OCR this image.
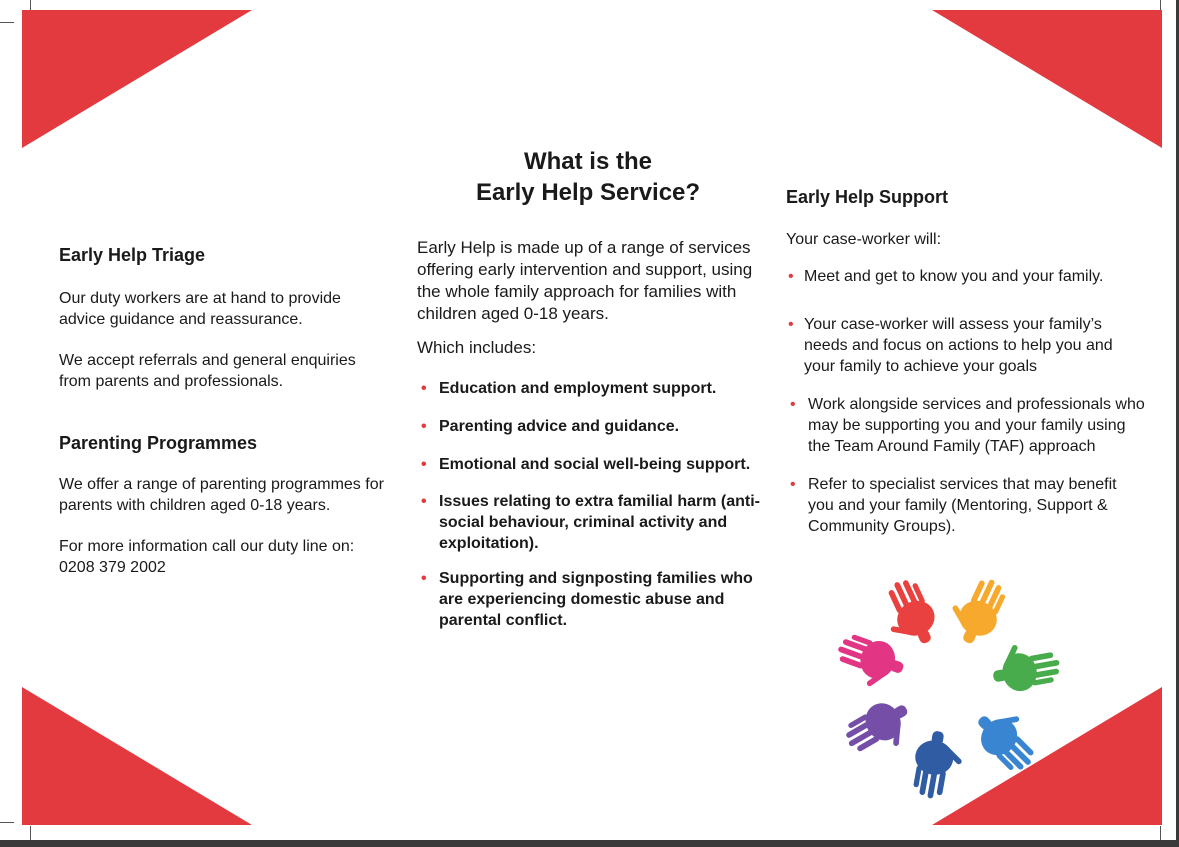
Early Help Triage

Our duty workers are at hand to provide advice guidance and reassurance.

We accept referrals and general enquiries from parents and professionals.

Parenting Programmes

We offer a range of parenting programmes for parents with children aged 0-18 years.

For more information call our duty line on:

0208 379 2002

What is the
Early Help Service?

Early Help is made up of a range of services offering early intervention and support, using the whole family approach for families with children aged 0-18 years.

Which includes:

• Education and employment support.
• Parenting advice and guidance.
• Emotional and social well-being support.
• Issues relating to extra familial harm (anti-social behaviour, criminal activity and exploitation).
• Supporting and signposting families who are experiencing domestic abuse and parental conflict.
Early Help Support

Your case-worker will:

• Meet and get to know you and your family.
• Your case-worker will assess your family’s needs and focus on actions to help you and your family to achieve your goals
• Work alongside services and professionals who may be supporting you and your family using the Team Around Family (TAF) approach
• Refer to specialist services that may benefit you and your family (Mentoring, Support & Community Groups).
